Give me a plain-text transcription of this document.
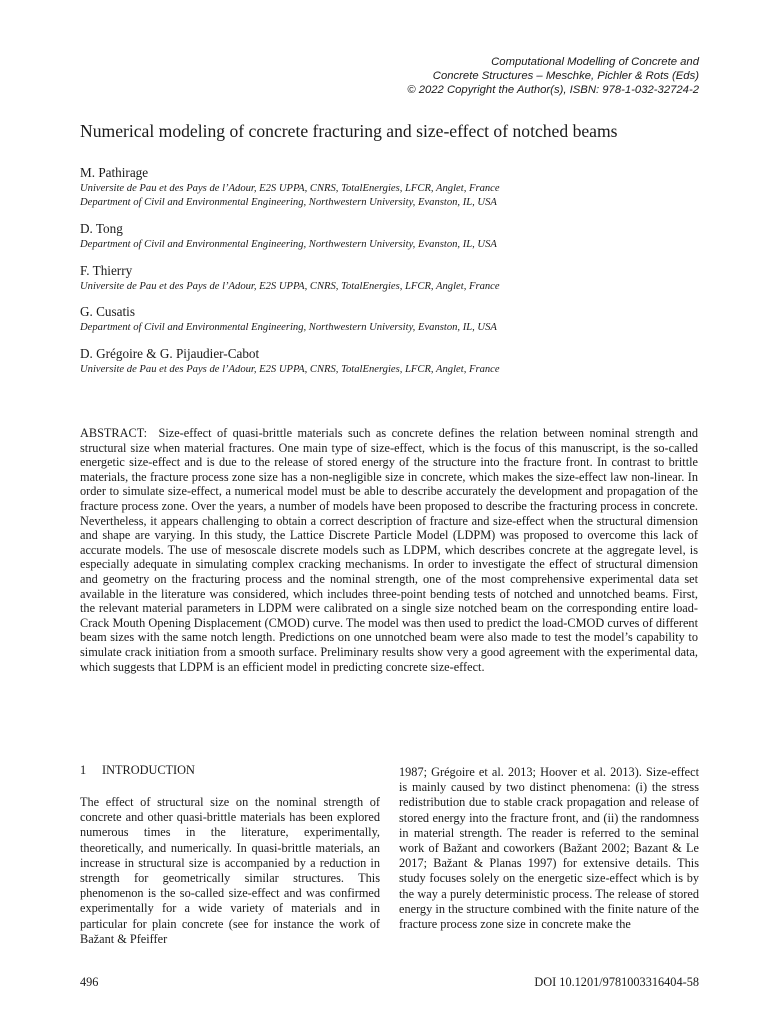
Computational Modelling of Concrete and
Concrete Structures – Meschke, Pichler & Rots (Eds)
© 2022 Copyright the Author(s), ISBN: 978-1-032-32724-2
Numerical modeling of concrete fracturing and size-effect of notched beams
M. Pathirage
Universite de Pau et des Pays de l’Adour, E2S UPPA, CNRS, TotalEnergies, LFCR, Anglet, France
Department of Civil and Environmental Engineering, Northwestern University, Evanston, IL, USA
D. Tong
Department of Civil and Environmental Engineering, Northwestern University, Evanston, IL, USA
F. Thierry
Universite de Pau et des Pays de l’Adour, E2S UPPA, CNRS, TotalEnergies, LFCR, Anglet, France
G. Cusatis
Department of Civil and Environmental Engineering, Northwestern University, Evanston, IL, USA
D. Grégoire & G. Pijaudier-Cabot
Universite de Pau et des Pays de l’Adour, E2S UPPA, CNRS, TotalEnergies, LFCR, Anglet, France
ABSTRACT: Size-effect of quasi-brittle materials such as concrete defines the relation between nominal strength and structural size when material fractures. One main type of size-effect, which is the focus of this manuscript, is the so-called energetic size-effect and is due to the release of stored energy of the structure into the fracture front. In contrast to brittle materials, the fracture process zone size has a non-negligible size in concrete, which makes the size-effect law non-linear. In order to simulate size-effect, a numerical model must be able to describe accurately the development and propagation of the fracture process zone. Over the years, a number of models have been proposed to describe the fracturing process in concrete. Nevertheless, it appears challenging to obtain a correct description of fracture and size-effect when the structural dimension and shape are varying. In this study, the Lattice Discrete Particle Model (LDPM) was proposed to overcome this lack of accurate models. The use of mesoscale discrete models such as LDPM, which describes concrete at the aggregate level, is especially adequate in simulating complex cracking mechanisms. In order to investigate the effect of structural dimension and geometry on the fracturing process and the nominal strength, one of the most comprehensive experimental data set available in the literature was considered, which includes three-point bending tests of notched and unnotched beams. First, the relevant material parameters in LDPM were calibrated on a single size notched beam on the corresponding entire load-Crack Mouth Opening Displacement (CMOD) curve. The model was then used to predict the load-CMOD curves of different beam sizes with the same notch length. Predictions on one unnotched beam were also made to test the model’s capability to simulate crack initiation from a smooth surface. Preliminary results show very a good agreement with the experimental data, which suggests that LDPM is an efficient model in predicting concrete size-effect.
1 INTRODUCTION
The effect of structural size on the nominal strength of concrete and other quasi-brittle materials has been explored numerous times in the literature, experimentally, theoretically, and numerically. In quasi-brittle materials, an increase in structural size is accompanied by a reduction in strength for geometrically similar structures. This phenomenon is the so-called size-effect and was confirmed experimentally for a wide variety of materials and in particular for plain concrete (see for instance the work of Bažant & Pfeiffer
1987; Grégoire et al. 2013; Hoover et al. 2013). Size-effect is mainly caused by two distinct phenomena: (i) the stress redistribution due to stable crack propagation and release of stored energy into the fracture front, and (ii) the randomness in material strength. The reader is referred to the seminal work of Bažant and coworkers (Bažant 2002; Bazant & Le 2017; Bažant & Planas 1997) for extensive details. This study focuses solely on the energetic size-effect which is by the way a purely deterministic process. The release of stored energy in the structure combined with the finite nature of the fracture process zone size in concrete make the
496	DOI 10.1201/9781003316404-58
